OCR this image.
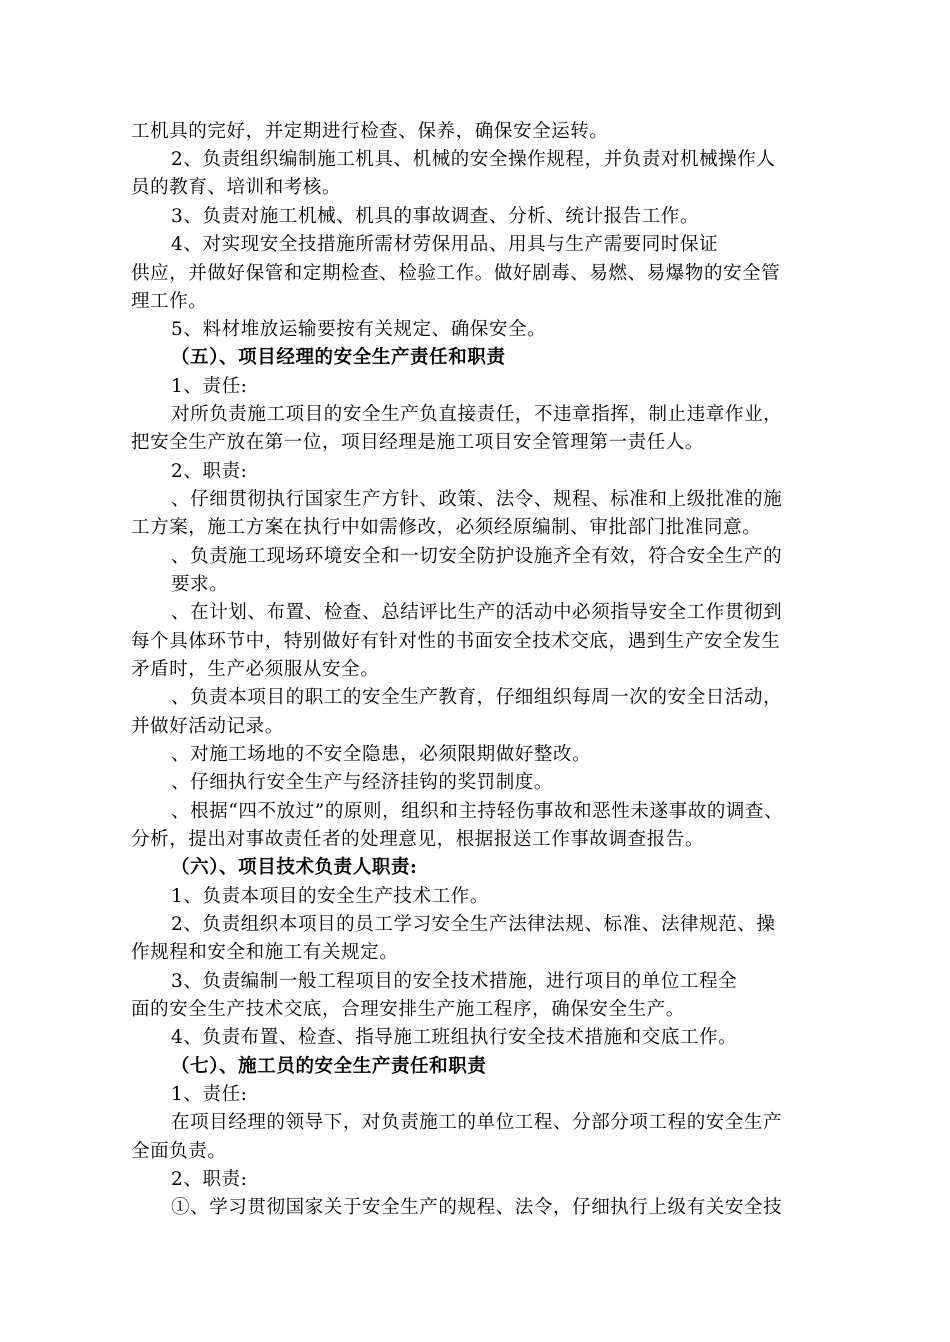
工机具的完好，并定期进行检查、保养，确保安全运转。
2、负责组织编制施工机具、机械的安全操作规程，并负责对机械操作人
员的教育、培训和考核。
3、负责对施工机械、机具的事故调查、分析、统计报告工作。
4、对实现安全技措施所需材劳保用品、用具与生产需要同时保证
供应，并做好保管和定期检查、检验工作。做好剧毒、易燃、易爆物的安全管
理工作。
5、料材堆放运输要按有关规定、确保安全。
（五）、项目经理的安全生产责任和职责
1、责任:
对所负责施工项目的安全生产负直接责任，不违章指挥，制止违章作业，
把安全生产放在第一位，项目经理是施工项目安全管理第一责任人。
2、职责:
、仔细贯彻执行国家生产方针、政策、法令、规程、标准和上级批准的施
工方案，施工方案在执行中如需修改，必须经原编制、审批部门批准同意。
、负责施工现场环境安全和一切安全防护设施齐全有效，符合安全生产的
要求。
、在计划、布置、检查、总结评比生产的活动中必须指导安全工作贯彻到
每个具体环节中，特别做好有针对性的书面安全技术交底，遇到生产安全发生
矛盾时，生产必须服从安全。
、负责本项目的职工的安全生产教育，仔细组织每周一次的安全日活动，
并做好活动记录。
、对施工场地的不安全隐患，必须限期做好整改。
、仔细执行安全生产与经济挂钩的奖罚制度。
、根据“四不放过”的原则，组织和主持轻伤事故和恶性未遂事故的调查、
分析，提出对事故责任者的处理意见，根据报送工作事故调查报告。
（六）、项目技术负责人职责:
1、负责本项目的安全生产技术工作。
2、负责组织本项目的员工学习安全生产法律法规、标准、法律规范、操
作规程和安全和施工有关规定。
3、负责编制一般工程项目的安全技术措施，进行项目的单位工程全
面的安全生产技术交底，合理安排生产施工程序，确保安全生产。
4、负责布置、检查、指导施工班组执行安全技术措施和交底工作。
（七）、施工员的安全生产责任和职责
1、责任:
在项目经理的领导下，对负责施工的单位工程、分部分项工程的安全生产
全面负责。
2、职责:
①、学习贯彻国家关于安全生产的规程、法令，仔细执行上级有关安全技
